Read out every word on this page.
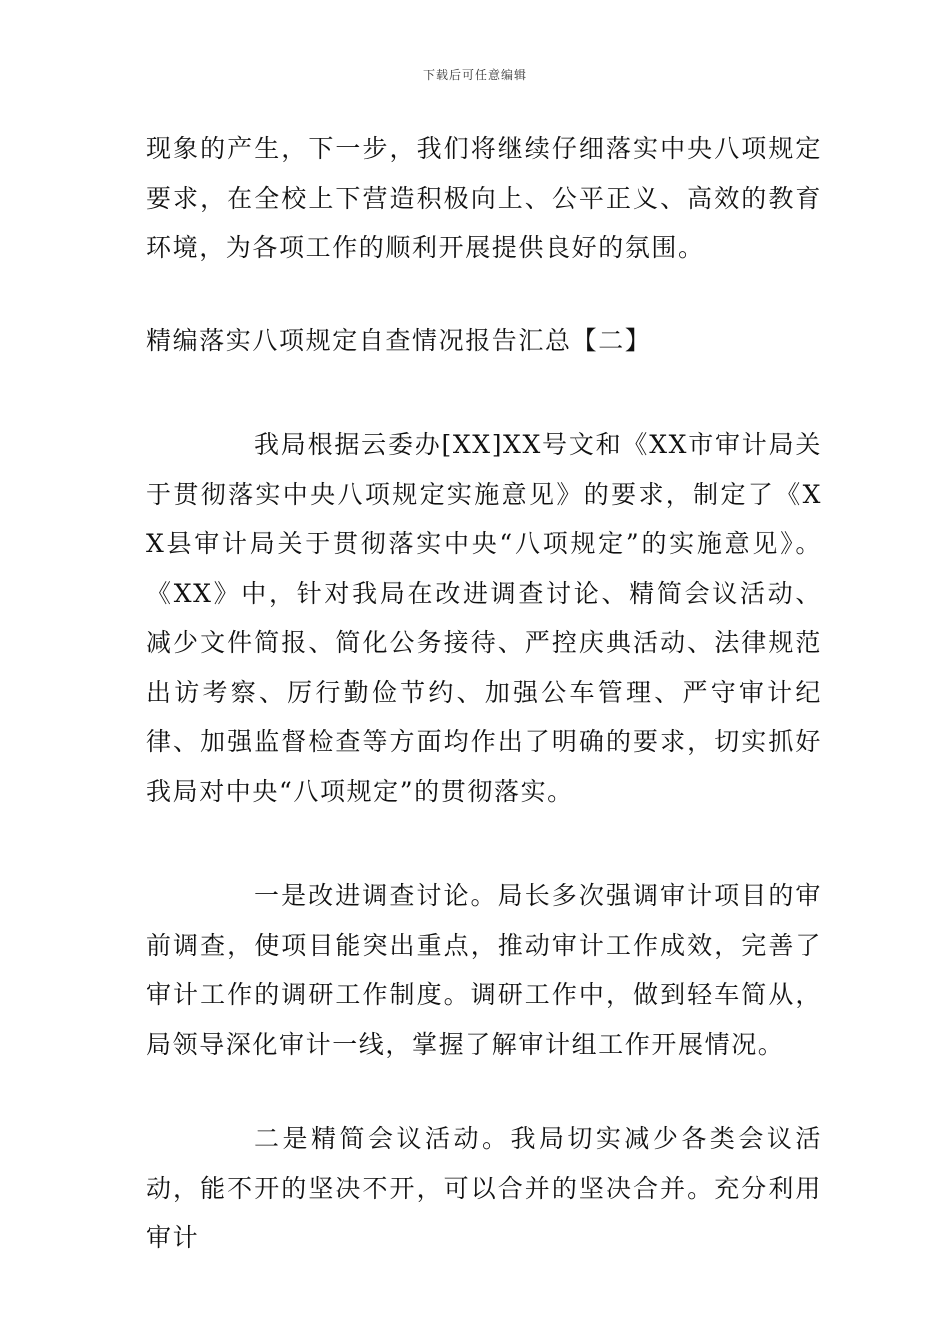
下载后可任意编辑

现象的产生，下一步，我们将继续仔细落实中央八项规定要求，在全校上下营造积极向上、公平正义、高效的教育环境，为各项工作的顺利开展提供良好的氛围。

精编落实八项规定自查情况报告汇总【二】

我局根据云委办[XX]XX号文和《XX市审计局关于贯彻落实中央八项规定实施意见》的要求，制定了《XX县审计局关于贯彻落实中央“八项规定”的实施意见》。《XX》中，针对我局在改进调查讨论、精简会议活动、减少文件简报、简化公务接待、严控庆典活动、法律规范出访考察、厉行勤俭节约、加强公车管理、严守审计纪律、加强监督检查等方面均作出了明确的要求，切实抓好我局对中央“八项规定”的贯彻落实。

一是改进调查讨论。局长多次强调审计项目的审前调查，使项目能突出重点，推动审计工作成效，完善了审计工作的调研工作制度。调研工作中，做到轻车简从，局领导深化审计一线，掌握了解审计组工作开展情况。

二是精简会议活动。我局切实减少各类会议活动，能不开的坚决不开，可以合并的坚决合并。充分利用审计
